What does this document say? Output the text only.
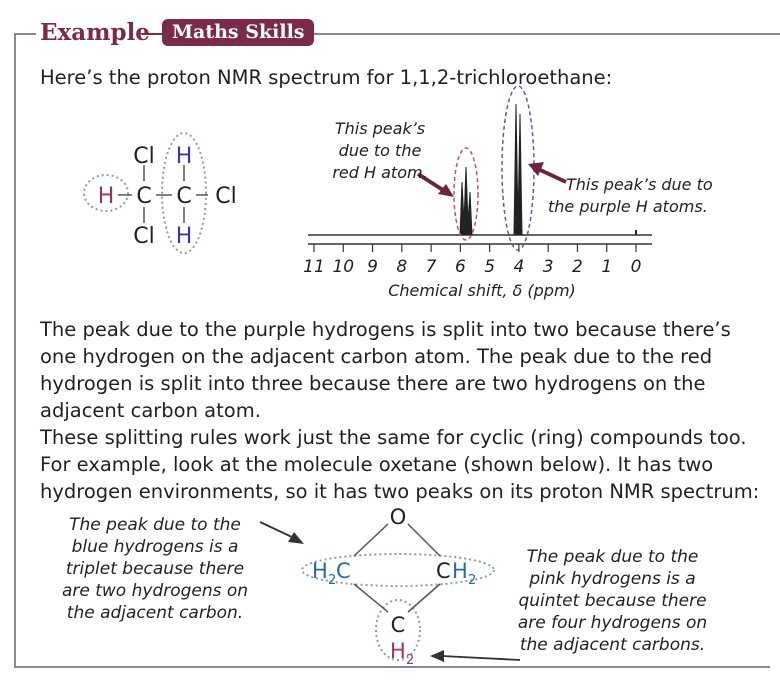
Example	Maths Skills
Here’s the proton NMR spectrum for 1,1,2-trichloroethane:
Cl H
H C C Cl
Cl H
This peak’s
due to the
red H atom.
This peak’s due to
the purple H atoms.
11 10 9 8 7 6 5 4 3 2 1 0
Chemical shift, δ (ppm)
The peak due to the purple hydrogens is split into two because there’s
one hydrogen on the adjacent carbon atom. The peak due to the red
hydrogen is split into three because there are two hydrogens on the
adjacent carbon atom.
These splitting rules work just the same for cyclic (ring) compounds too.
For example, look at the molecule oxetane (shown below). It has two
hydrogen environments, so it has two peaks on its proton NMR spectrum:
The peak due to the
blue hydrogens is a
triplet because there
are two hydrogens on
the adjacent carbon.
The peak due to the
pink hydrogens is a
quintet because there
are four hydrogens on
the adjacent carbons.
O
H 2 C	C H 2
C
H 2
